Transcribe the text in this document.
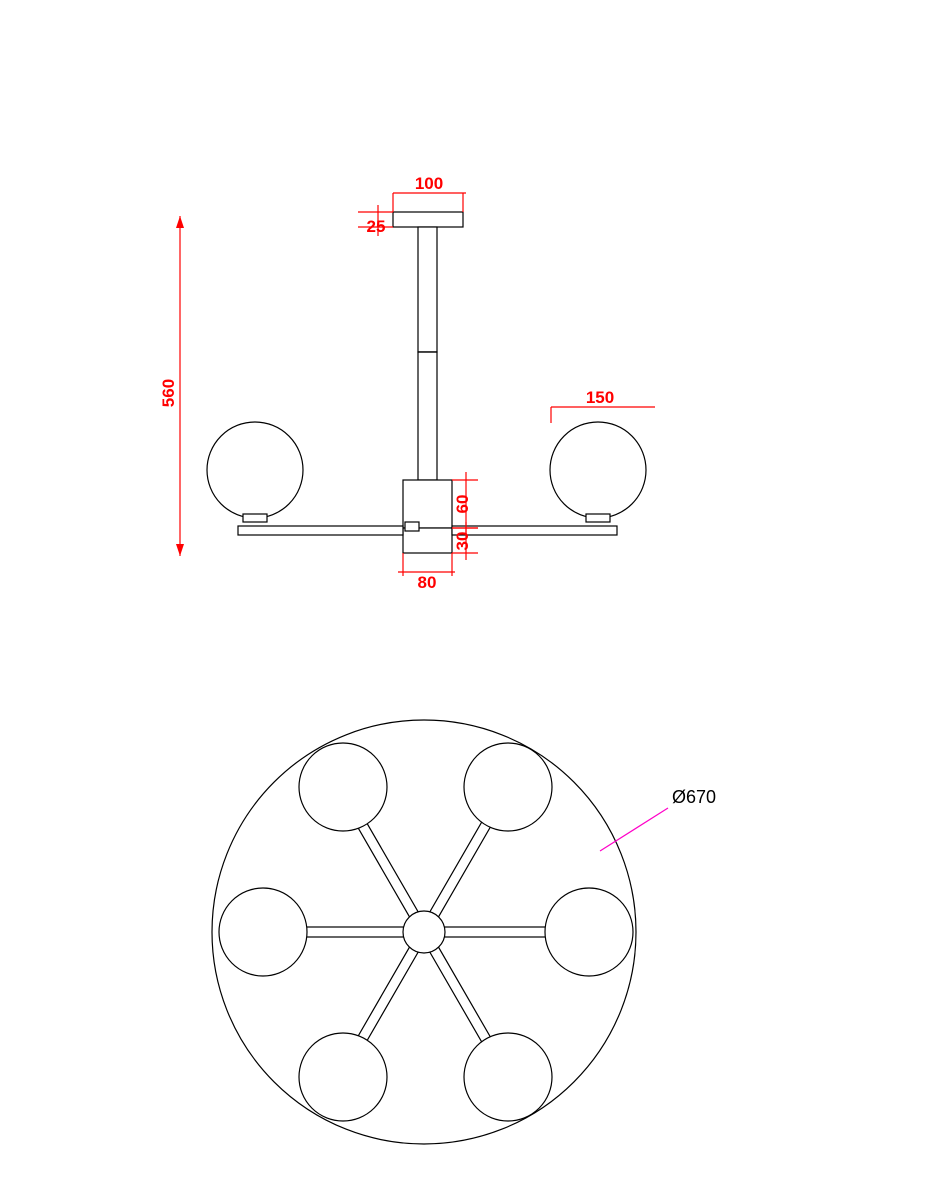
100
25
560	150
60
30
80
Ø670
